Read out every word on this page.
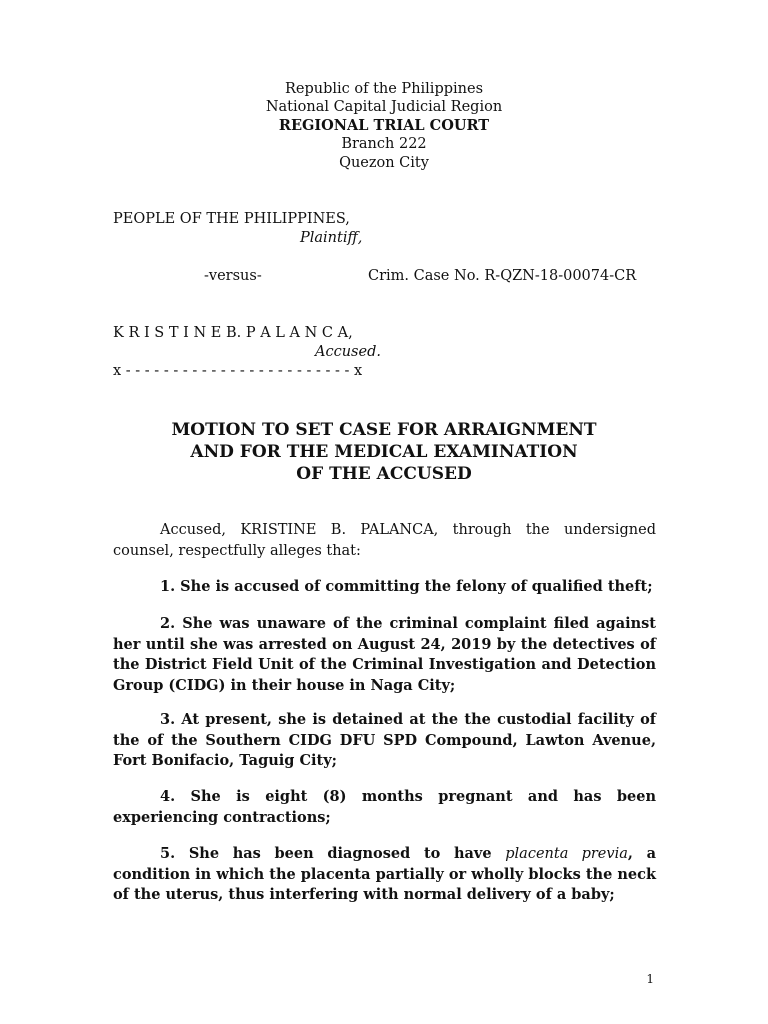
Republic of the Philippines
National Capital Judicial Region
REGIONAL TRIAL COURT
Branch 222
Quezon City
PEOPLE OF THE PHILIPPINES,
Plaintiff,
-versus-	Crim. Case No. R-QZN-18-00074-CR
K R I S T I N E B. P A L A N C A,
Accused.
x - - - - - - - - - - - - - - - - - - - - - - - - x
MOTION TO SET CASE FOR ARRAIGNMENT
AND FOR THE MEDICAL EXAMINATION
OF THE ACCUSED
Accused, KRISTINE B. PALANCA, through the undersigned counsel, respectfully alleges that:
1. She is accused of committing the felony of qualified theft;
2. She was unaware of the criminal complaint filed against her until she was arrested on August 24, 2019 by the detectives of the District Field Unit of the Criminal Investigation and Detection Group (CIDG) in their house in Naga City;
3. At present, she is detained at the the custodial facility of the of the Southern CIDG DFU SPD Compound, Lawton Avenue, Fort Bonifacio, Taguig City;
4. She is eight (8) months pregnant and has been experiencing contractions;
5. She has been diagnosed to have placenta previa, a condition in which the placenta partially or wholly blocks the neck of the uterus, thus interfering with normal delivery of a baby;
1
